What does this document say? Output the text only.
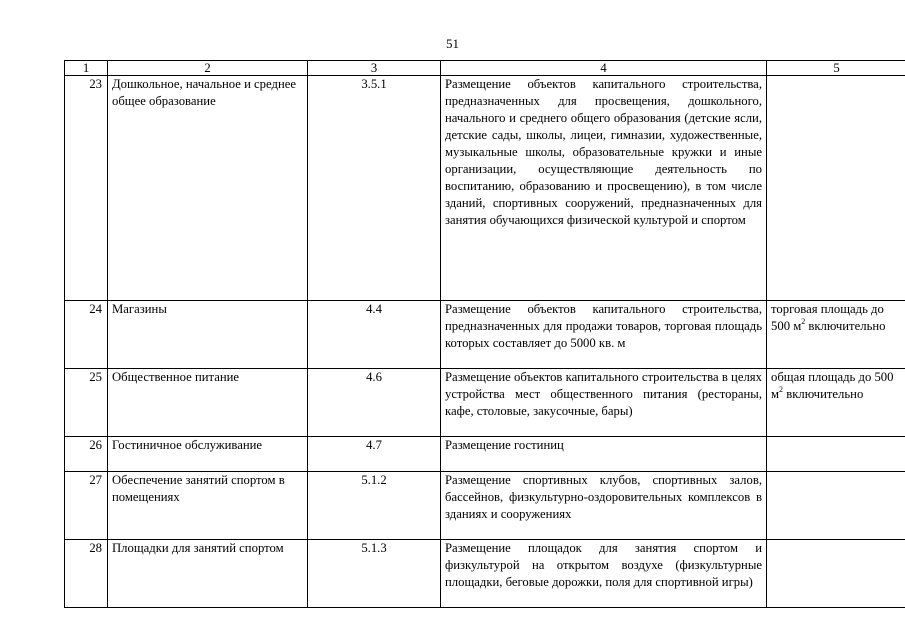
51
1	2	3	4	5
23	Дошкольное, начальное и среднее общее образование	3.5.1	Размещение объектов капитального строительства, предназначенных для просвещения, дошкольного, начального и среднего общего образования (детские ясли, детские сады, школы, лицеи, гимназии, художественные, музыкальные школы, образовательные кружки и иные организации, осуществляющие деятельность по воспитанию, образованию и просвещению), в том числе зданий, спортивных сооружений, предназначенных для занятия обучающихся физической культурой и спортом	
24	Магазины	4.4	Размещение объектов капитального строительства, предназначенных для продажи товаров, торговая площадь которых составляет до 5000 кв. м	торговая площадь до 500 $м^2$ включительно
25	Общественное питание	4.6	Размещение объектов капитального строительства в целях устройства мест общественного питания (рестораны, кафе, столовые, закусочные, бары)	общая площадь до 500 $м^2$ включительно
26	Гостиничное обслуживание	4.7	Размещение гостиниц	
27	Обеспечение занятий спортом в помещениях	5.1.2	Размещение спортивных клубов, спортивных залов, бассейнов, физкультурно-оздоровительных комплексов в зданиях и сооружениях	
28	Площадки для занятий спортом	5.1.3	Размещение площадок для занятия спортом и физкультурой на открытом воздухе (физкультурные площадки, беговые дорожки, поля для спортивной игры)	
